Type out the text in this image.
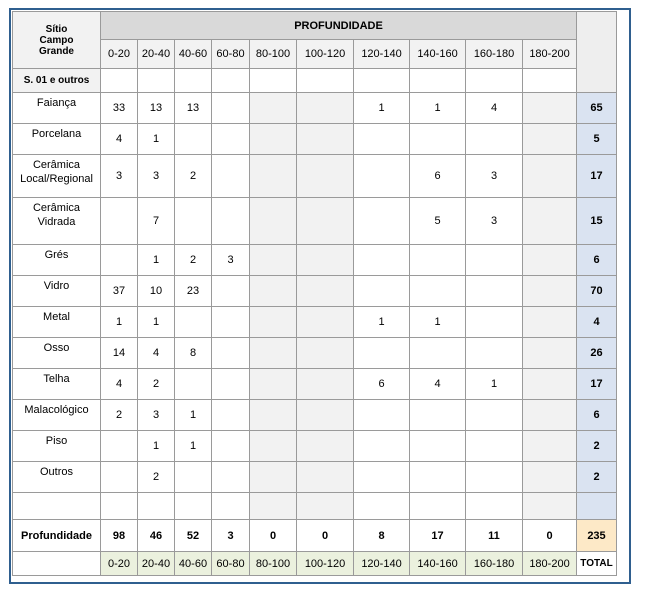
Sítio
Campo
Grande	PROFUNDIDADE										
	0-20	20-40	40-60	60-80	80-100	100-120	120-140	140-160	160-180	180-200	
S. 01 e outros											
Faiança	33	13	13				1	1	4		65
Porcelana	4	1									5
Cerâmica Local/Regional	3	3	2					6	3		17
Cerâmica Vidrada		7						5	3		15
Grés		1	2	3							6
Vidro	37	10	23								70
Metal	1	1					1	1			4
Osso	14	4	8								26
Telha	4	2					6	4	1		17
Malacológico	2	3	1								6
Piso		1	1								2
Outros		2									2

Profundidade	98	46	52	3	0	0	8	17	11	0	235
	0-20	20-40	40-60	60-80	80-100	100-120	120-140	140-160	160-180	180-200	TOTAL
